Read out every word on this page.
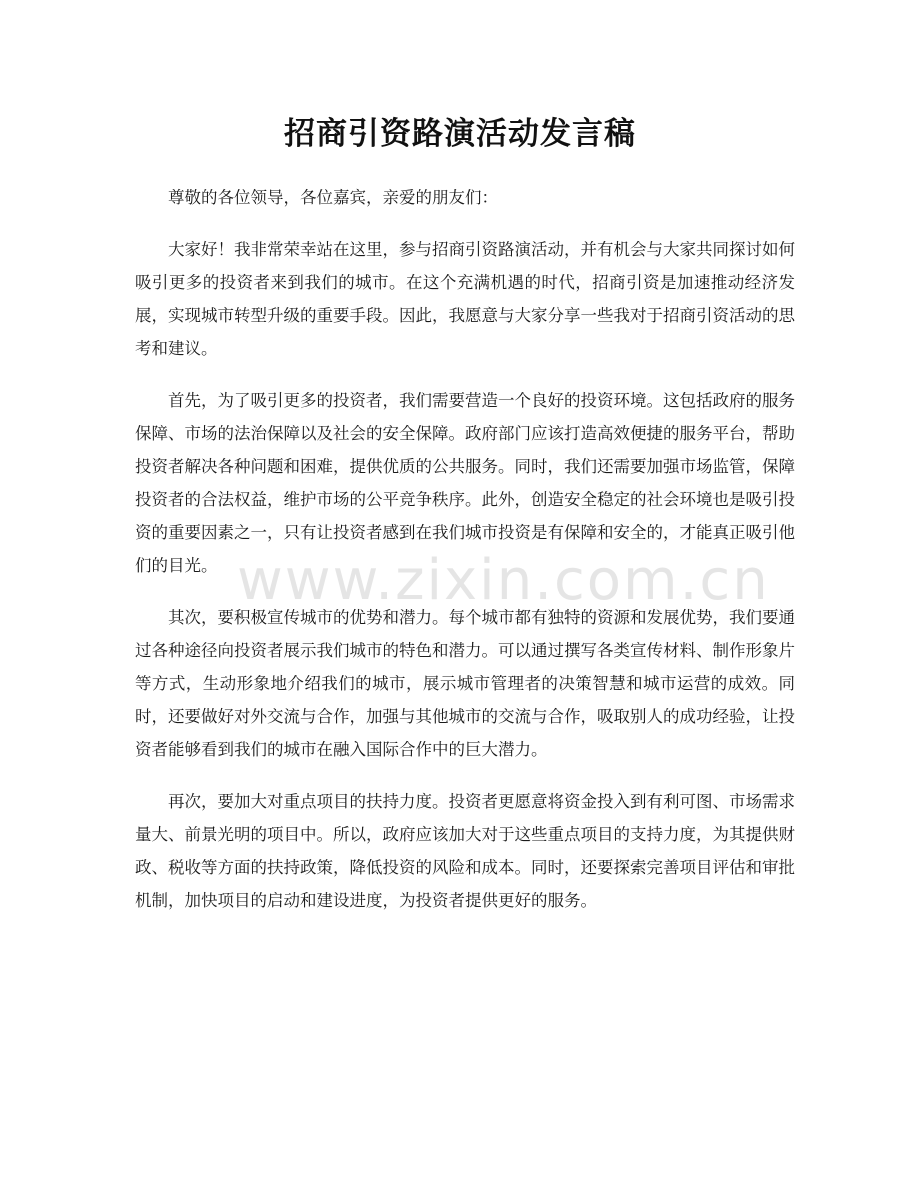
招商引资路演活动发言稿
www.zixin.com.cn

尊敬的各位领导，各位嘉宾，亲爱的朋友们：

大家好！我非常荣幸站在这里，参与招商引资路演活动，并有机会与大家共同探讨如何吸引更多的投资者来到我们的城市。在这个充满机遇的时代，招商引资是加速推动经济发展，实现城市转型升级的重要手段。因此，我愿意与大家分享一些我对于招商引资活动的思考和建议。

首先，为了吸引更多的投资者，我们需要营造一个良好的投资环境。这包括政府的服务保障、市场的法治保障以及社会的安全保障。政府部门应该打造高效便捷的服务平台，帮助投资者解决各种问题和困难，提供优质的公共服务。同时，我们还需要加强市场监管，保障投资者的合法权益，维护市场的公平竞争秩序。此外，创造安全稳定的社会环境也是吸引投资的重要因素之一，只有让投资者感到在我们城市投资是有保障和安全的，才能真正吸引他们的目光。

其次，要积极宣传城市的优势和潜力。每个城市都有独特的资源和发展优势，我们要通过各种途径向投资者展示我们城市的特色和潜力。可以通过撰写各类宣传材料、制作形象片等方式，生动形象地介绍我们的城市，展示城市管理者的决策智慧和城市运营的成效。同时，还要做好对外交流与合作，加强与其他城市的交流与合作，吸取别人的成功经验，让投资者能够看到我们的城市在融入国际合作中的巨大潜力。

再次，要加大对重点项目的扶持力度。投资者更愿意将资金投入到有利可图、市场需求量大、前景光明的项目中。所以，政府应该加大对于这些重点项目的支持力度，为其提供财政、税收等方面的扶持政策，降低投资的风险和成本。同时，还要探索完善项目评估和审批机制，加快项目的启动和建设进度，为投资者提供更好的服务。
